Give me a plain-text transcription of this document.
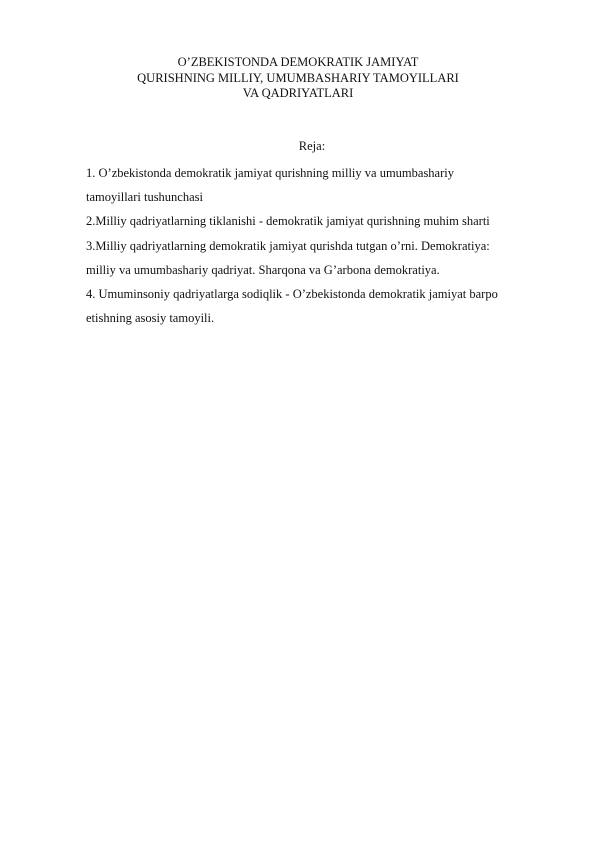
O’ZBEKISTONDA DEMOKRATIK JAMIYAT
QURISHNING MILLIY, UMUMBASHARIY TAMOYILLARI
VA QADRIYATLARI
Reja:
1. O’zbekistonda demokratik jamiyat qurishning milliy va umumbashariy
tamoyillari tushunchasi
2.Milliy qadriyatlarning tiklanishi - demokratik jamiyat qurishning muhim sharti
3.Milliy qadriyatlarning demokratik jamiyat qurishda tutgan o’rni. Demokratiya:
milliy va umumbashariy qadriyat. Sharqona va G’arbona demokratiya.
4. Umuminsoniy qadriyatlarga sodiqlik - O’zbekistonda demokratik jamiyat barpo
etishning asosiy tamoyili.
